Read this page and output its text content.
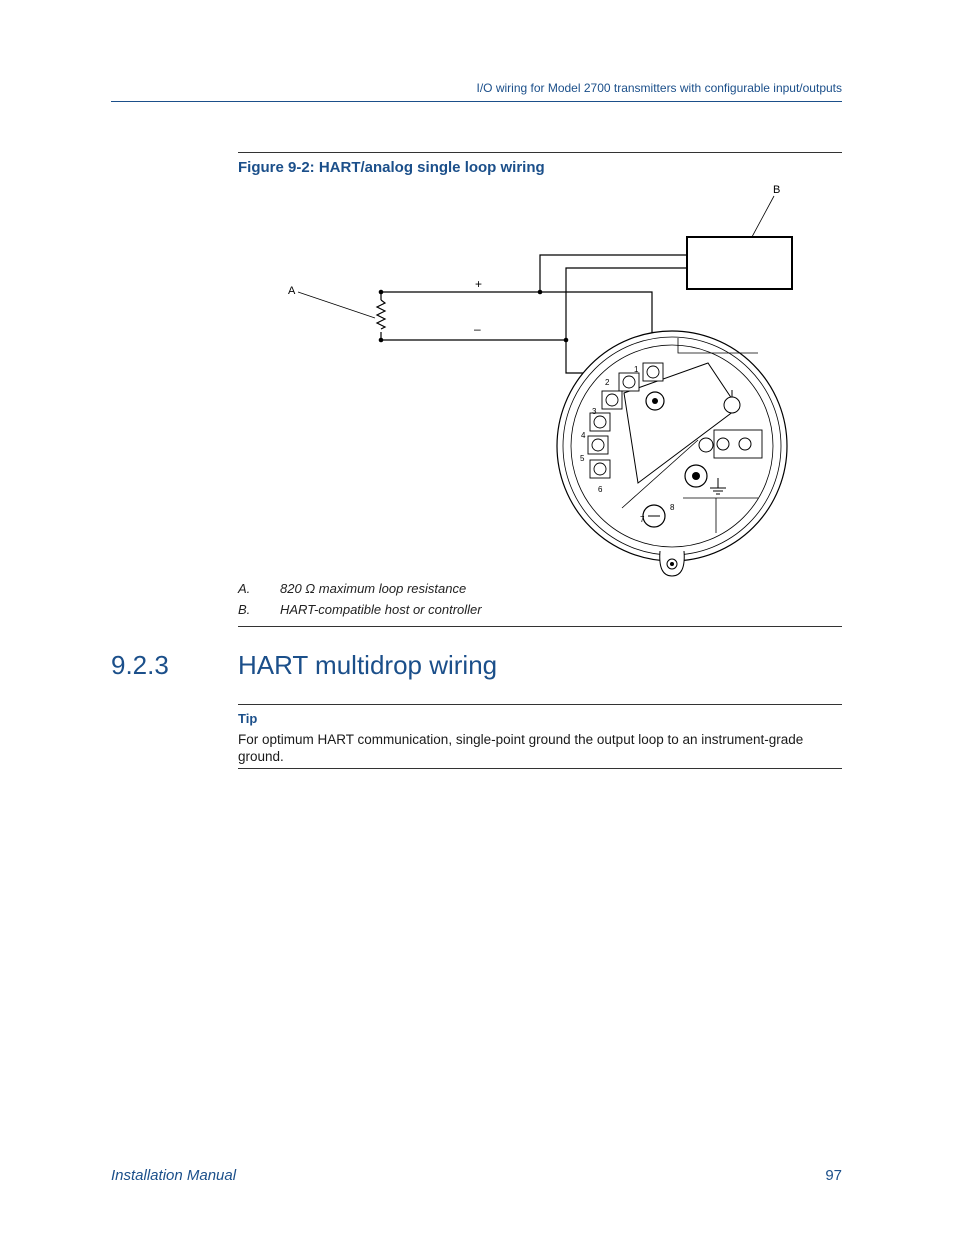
I/O wiring for Model 2700 transmitters with configurable input/outputs
Figure 9-2: HART/analog single loop wiring
A
B
+
–
1
2
3
4
5
6
7
8
A. 820 Ω maximum loop resistance
B. HART-compatible host or controller
9.2.3	HART multidrop wiring
Tip
For optimum HART communication, single-point ground the output loop to an instrument-grade ground.
Installation Manual	97
